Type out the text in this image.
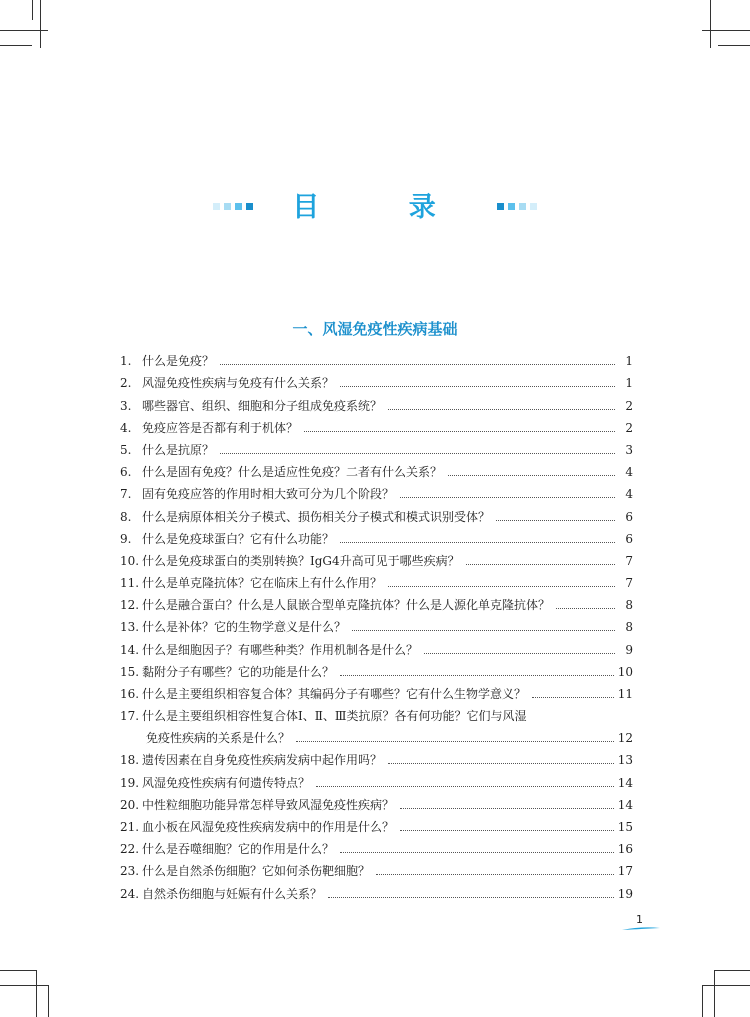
目 录
一、风湿免疫性疾病基础
1. 什么是免疫？	1
2. 风湿免疫性疾病与免疫有什么关系？	1
3. 哪些器官、组织、细胞和分子组成免疫系统？	2
4. 免疫应答是否都有利于机体？	2
5. 什么是抗原？	3
6. 什么是固有免疫？什么是适应性免疫？二者有什么关系？	4
7. 固有免疫应答的作用时相大致可分为几个阶段？	4
8. 什么是病原体相关分子模式、损伤相关分子模式和模式识别受体？	6
9. 什么是免疫球蛋白？它有什么功能？	6
10. 什么是免疫球蛋白的类别转换？IgG4升高可见于哪些疾病？	7
11. 什么是单克隆抗体？它在临床上有什么作用？	7
12. 什么是融合蛋白？什么是人鼠嵌合型单克隆抗体？什么是人源化单克隆抗体？	8
13. 什么是补体？它的生物学意义是什么？	8
14. 什么是细胞因子？有哪些种类？作用机制各是什么？	9
15. 黏附分子有哪些？它的功能是什么？	10
16. 什么是主要组织相容复合体？其编码分子有哪些？它有什么生物学意义？	11
17. 什么是主要组织相容性复合体Ⅰ、Ⅱ、Ⅲ类抗原？各有何功能？它们与风湿
免疫性疾病的关系是什么？	12
18. 遗传因素在自身免疫性疾病发病中起作用吗？	13
19. 风湿免疫性疾病有何遗传特点？	14
20. 中性粒细胞功能异常怎样导致风湿免疫性疾病？	14
21. 血小板在风湿免疫性疾病发病中的作用是什么？	15
22. 什么是吞噬细胞？它的作用是什么？	16
23. 什么是自然杀伤细胞？它如何杀伤靶细胞？	17
24. 自然杀伤细胞与妊娠有什么关系？	19
1
